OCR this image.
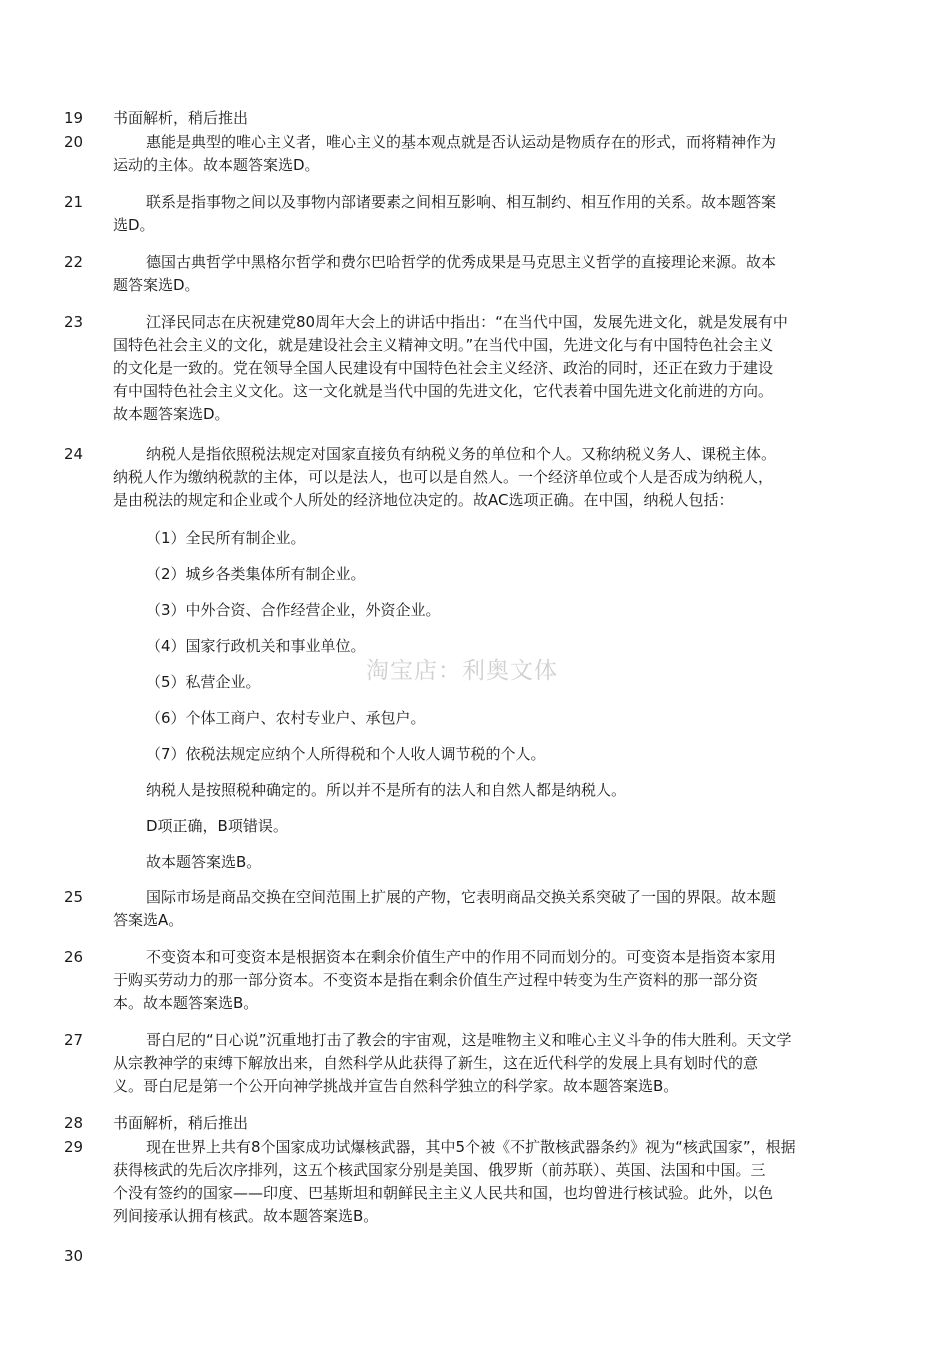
19 书面解析，稍后推出
20	惠能是典型的唯心主义者，唯心主义的基本观点就是否认运动是物质存在的形式，而将精神作为
运动的主体。故本题答案选D。
21	联系是指事物之间以及事物内部诸要素之间相互影响、相互制约、相互作用的关系。故本题答案
选D。
22	德国古典哲学中黑格尔哲学和费尔巴哈哲学的优秀成果是马克思主义哲学的直接理论来源。故本
题答案选D。
23	江泽民同志在庆祝建党80周年大会上的讲话中指出：“在当代中国，发展先进文化，就是发展有中
国特色社会主义的文化，就是建设社会主义精神文明。”在当代中国，先进文化与有中国特色社会主义
的文化是一致的。党在领导全国人民建设有中国特色社会主义经济、政治的同时，还正在致力于建设
有中国特色社会主义文化。这一文化就是当代中国的先进文化，它代表着中国先进文化前进的方向。
故本题答案选D。
24	纳税人是指依照税法规定对国家直接负有纳税义务的单位和个人。又称纳税义务人、课税主体。
纳税人作为缴纳税款的主体，可以是法人，也可以是自然人。一个经济单位或个人是否成为纳税人，
是由税法的规定和企业或个人所处的经济地位决定的。故AC选项正确。在中国，纳税人包括：
（1）全民所有制企业。
（2）城乡各类集体所有制企业。
（3）中外合资、合作经营企业，外资企业。
（4）国家行政机关和事业单位。
（5）私营企业。
（6）个体工商户、农村专业户、承包户。
（7）依税法规定应纳个人所得税和个人收人调节税的个人。
纳税人是按照税种确定的。所以并不是所有的法人和自然人都是纳税人。
D项正确，B项错误。
故本题答案选B。
25	国际市场是商品交换在空间范围上扩展的产物，它表明商品交换关系突破了一国的界限。故本题
答案选A。
26	不变资本和可变资本是根据资本在剩余价值生产中的作用不同而划分的。可变资本是指资本家用
于购买劳动力的那一部分资本。不变资本是指在剩余价值生产过程中转变为生产资料的那一部分资
本。故本题答案选B。
27	哥白尼的“日心说”沉重地打击了教会的宇宙观，这是唯物主义和唯心主义斗争的伟大胜利。天文学
从宗教神学的束缚下解放出来，自然科学从此获得了新生，这在近代科学的发展上具有划时代的意
义。哥白尼是第一个公开向神学挑战并宣告自然科学独立的科学家。故本题答案选B。
28 书面解析，稍后推出
29	现在世界上共有8个国家成功试爆核武器，其中5个被《不扩散核武器条约》视为“核武国家”，根据
获得核武的先后次序排列，这五个核武国家分别是美国、俄罗斯（前苏联）、英国、法国和中国。三
个没有签约的国家——印度、巴基斯坦和朝鲜民主主义人民共和国，也均曾进行核试验。此外，以色
列间接承认拥有核武。故本题答案选B。
30
淘宝店：利奥文体
